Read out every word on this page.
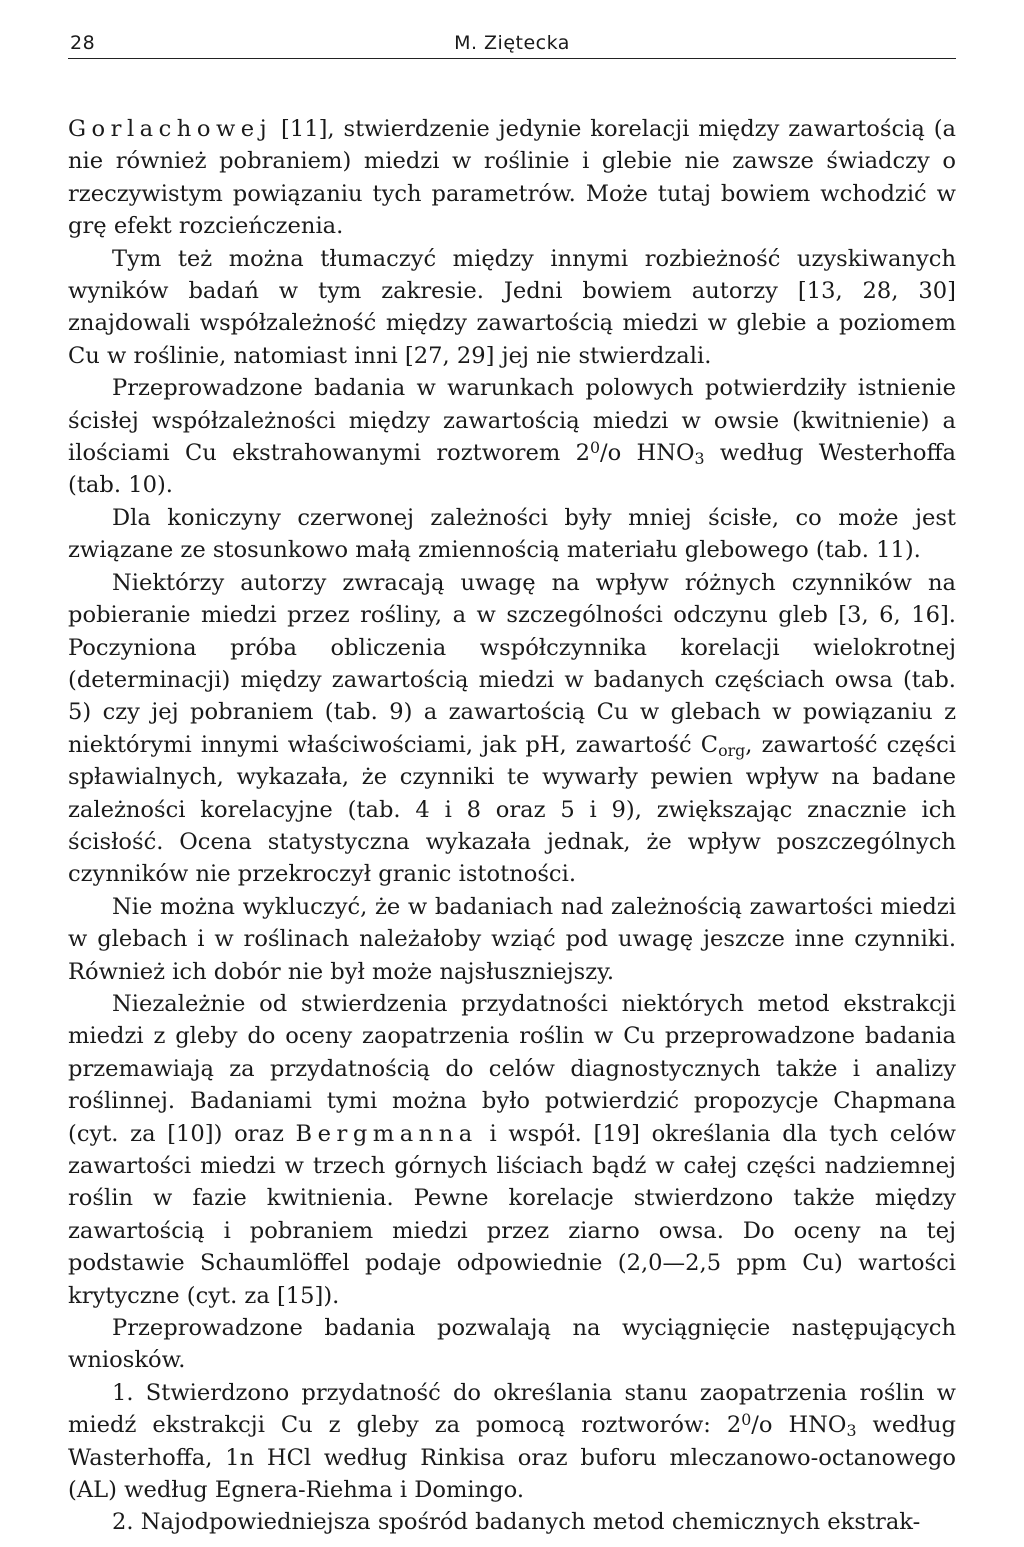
28	M. Ziętecka

Gorlachowej [11], stwierdzenie jedynie korelacji między zawartością (a nie również pobraniem) miedzi w roślinie i glebie nie zawsze świadczy o rzeczywistym powiązaniu tych parametrów. Może tutaj bowiem wchodzić w grę efekt rozcieńczenia.

Tym też można tłumaczyć między innymi rozbieżność uzyskiwanych wyników badań w tym zakresie. Jedni bowiem autorzy [13, 28, 30] znajdowali współzależność między zawartością miedzi w glebie a poziomem Cu w roślinie, natomiast inni [27, 29] jej nie stwierdzali.

Przeprowadzone badania w warunkach polowych potwierdziły istnienie ścisłej współzależności między zawartością miedzi w owsie (kwitnienie) a ilościami Cu ekstrahowanymi roztworem $2^0/o$ $HNO_3$ według Westerhoffa (tab. 10).

Dla koniczyny czerwonej zależności były mniej ścisłe, co może jest związane ze stosunkowo małą zmiennością materiału glebowego (tab. 11).

Niektórzy autorzy zwracają uwagę na wpływ różnych czynników na pobieranie miedzi przez rośliny, a w szczególności odczynu gleb [3, 6, 16]. Poczyniona próba obliczenia współczynnika korelacji wielokrotnej (determinacji) między zawartością miedzi w badanych częściach owsa (tab. 5) czy jej pobraniem (tab. 9) a zawartością Cu w glebach w powiązaniu z niektórymi innymi właściwościami, jak pH, zawartość $C_{org}$, zawartość części spławialnych, wykazała, że czynniki te wywarły pewien wpływ na badane zależności korelacyjne (tab. 4 i 8 oraz 5 i 9), zwiększając znacznie ich ścisłość. Ocena statystyczna wykazała jednak, że wpływ poszczególnych czynników nie przekroczył granic istotności.

Nie można wykluczyć, że w badaniach nad zależnością zawartości miedzi w glebach i w roślinach należałoby wziąć pod uwagę jeszcze inne czynniki. Również ich dobór nie był może najsłuszniejszy.

Niezależnie od stwierdzenia przydatności niektórych metod ekstrakcji miedzi z gleby do oceny zaopatrzenia roślin w Cu przeprowadzone badania przemawiają za przydatnością do celów diagnostycznych także i analizy roślinnej. Badaniami tymi można było potwierdzić propozycje Chapmana (cyt. za [10]) oraz Bergmanna i współ. [19] określania dla tych celów zawartości miedzi w trzech górnych liściach bądź w całej części nadziemnej roślin w fazie kwitnienia. Pewne korelacje stwierdzono także między zawartością i pobraniem miedzi przez ziarno owsa. Do oceny na tej podstawie Schaumlöffel podaje odpowiednie (2,0—2,5 ppm Cu) wartości krytyczne (cyt. za [15]).

Przeprowadzone badania pozwalają na wyciągnięcie następujących wniosków.

1. Stwierdzono przydatność do określania stanu zaopatrzenia roślin w miedź ekstrakcji Cu z gleby za pomocą roztworów: $2^0/o$ $HNO_3$ według Wasterhoffa, 1n HCl według Rinkisa oraz buforu mleczanowo-octanowego (AL) według Egnera-Riehma i Domingo.

2. Najodpowiedniejsza spośród badanych metod chemicznych ekstrak-
